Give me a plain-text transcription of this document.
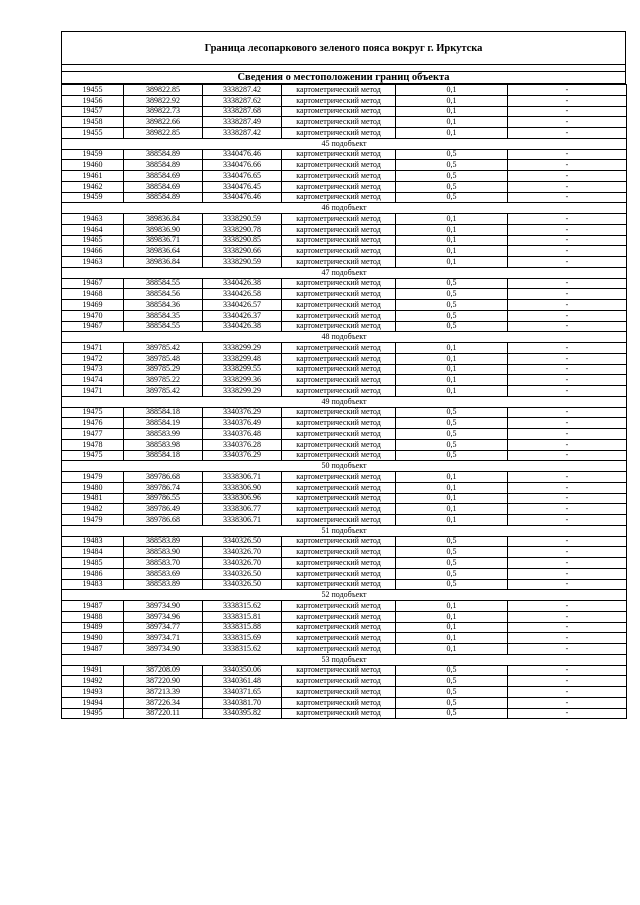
Граница лесопаркового зеленого пояса вокруг г. Иркутска
Сведения о местоположении границ объекта
19455	389822.85	3338287.42	картометрический метод	0,1	-
19456	389822.92	3338287.62	картометрический метод	0,1	-
19457	389822.73	3338287.68	картометрический метод	0,1	-
19458	389822.66	3338287.49	картометрический метод	0,1	-
19455	389822.85	3338287.42	картометрический метод	0,1	-
45 подобъект					
19459	388584.89	3340476.46	картометрический метод	0,5	-
19460	388584.89	3340476.66	картометрический метод	0,5	-
19461	388584.69	3340476.65	картометрический метод	0,5	-
19462	388584.69	3340476.45	картометрический метод	0,5	-
19459	388584.89	3340476.46	картометрический метод	0,5	-
46 подобъект					
19463	389836.84	3338290.59	картометрический метод	0,1	-
19464	389836.90	3338290.78	картометрический метод	0,1	-
19465	389836.71	3338290.85	картометрический метод	0,1	-
19466	389836.64	3338290.66	картометрический метод	0,1	-
19463	389836.84	3338290.59	картометрический метод	0,1	-
47 подобъект					
19467	388584.55	3340426.38	картометрический метод	0,5	-
19468	388584.56	3340426.58	картометрический метод	0,5	-
19469	388584.36	3340426.57	картометрический метод	0,5	-
19470	388584.35	3340426.37	картометрический метод	0,5	-
19467	388584.55	3340426.38	картометрический метод	0,5	-
48 подобъект					
19471	389785.42	3338299.29	картометрический метод	0,1	-
19472	389785.48	3338299.48	картометрический метод	0,1	-
19473	389785.29	3338299.55	картометрический метод	0,1	-
19474	389785.22	3338299.36	картометрический метод	0,1	-
19471	389785.42	3338299.29	картометрический метод	0,1	-
49 подобъект					
19475	388584.18	3340376.29	картометрический метод	0,5	-
19476	388584.19	3340376.49	картометрический метод	0,5	-
19477	388583.99	3340376.48	картометрический метод	0,5	-
19478	388583.98	3340376.28	картометрический метод	0,5	-
19475	388584.18	3340376.29	картометрический метод	0,5	-
50 подобъект					
19479	389786.68	3338306.71	картометрический метод	0,1	-
19480	389786.74	3338306.90	картометрический метод	0,1	-
19481	389786.55	3338306.96	картометрический метод	0,1	-
19482	389786.49	3338306.77	картометрический метод	0,1	-
19479	389786.68	3338306.71	картометрический метод	0,1	-
51 подобъект					
19483	388583.89	3340326.50	картометрический метод	0,5	-
19484	388583.90	3340326.70	картометрический метод	0,5	-
19485	388583.70	3340326.70	картометрический метод	0,5	-
19486	388583.69	3340326.50	картометрический метод	0,5	-
19483	388583.89	3340326.50	картометрический метод	0,5	-
52 подобъект					
19487	389734.90	3338315.62	картометрический метод	0,1	-
19488	389734.96	3338315.81	картометрический метод	0,1	-
19489	389734.77	3338315.88	картометрический метод	0,1	-
19490	389734.71	3338315.69	картометрический метод	0,1	-
19487	389734.90	3338315.62	картометрический метод	0,1	-
53 подобъект					
19491	387208.09	3340350.06	картометрический метод	0,5	-
19492	387220.90	3340361.48	картометрический метод	0,5	-
19493	387213.39	3340371.65	картометрический метод	0,5	-
19494	387226.34	3340381.70	картометрический метод	0,5	-
19495	387220.11	3340395.82	картометрический метод	0,5	-
